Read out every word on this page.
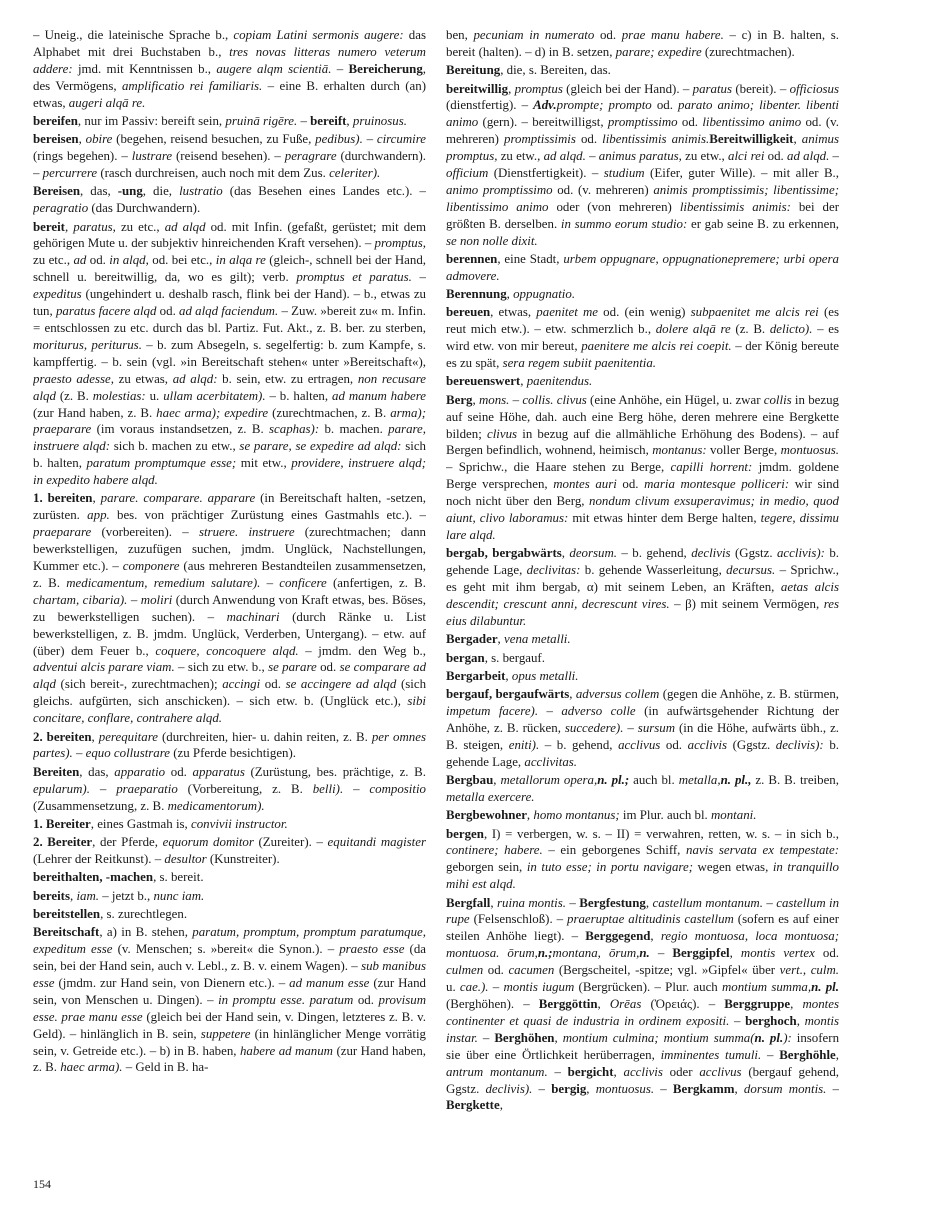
– Uneig., die lateinische Sprache b., copiam Latini sermonis augere: das Alphabet mit drei Buchstaben b., tres novas litteras numero veterum addere: jmd. mit Kenntnissen b., augere alqm scientiā. – Bereicherung, des Vermögens, amplificatio rei familiaris. – eine B. erhalten durch (an) etwas, augeri alqā re.

bereifen, nur im Passiv: bereift sein, pruinā rigēre. – bereift, pruinosus.

bereisen, obire (begehen, reisend besuchen, zu Fuße, pedibus). – circumire (rings begehen). – lustrare (reisend besehen). – peragrare (durchwandern). – percurrere (rasch durchreisen, auch noch mit dem Zus. celeriter).

Bereisen, das, -ung, die, lustratio (das Besehen eines Landes etc.). – peragratio (das Durchwandern).

bereit, paratus, zu etc., ad alqd od. mit Infin. (gefaßt, gerüstet; mit dem gehörigen Mute u. der subjektiv hinreichenden Kraft versehen). – promptus, zu etc., ad od. in alqd, od. bei etc., in alqa re (gleich-, schnell bei der Hand, schnell u. bereitwillig, da, wo es gilt); verb. promptus et paratus. – expeditus (ungehindert u. deshalb rasch, flink bei der Hand). – b., etwas zu tun, paratus facere alqd od. ad alqd faciendum. – Zuw. »bereit zu« m. Infin. = entschlossen zu etc. durch das bl. Partiz. Fut. Akt., z. B. ber. zu sterben, moriturus, periturus. – b. zum Absegeln, s. segelfertig: b. zum Kampfe, s. kampffertig. – b. sein (vgl. »in Bereitschaft stehen« unter »Bereitschaft«), praesto adesse, zu etwas, ad alqd: b. sein, etw. zu ertragen, non recusare alqd (z. B. molestias: u. ullam acerbitatem). – b. halten, ad manum habere (zur Hand haben, z. B. haec arma); expedire (zurechtmachen, z. B. arma); praeparare (im voraus instandsetzen, z. B. scaphas): b. machen. parare, instruere alqd: sich b. machen zu etw., se parare, se expedire ad alqd: sich b. halten, paratum promptumque esse; mit etw., providere, instruere alqd; in expedito habere alqd.

1. bereiten, parare. comparare. apparare (in Bereitschaft halten, -setzen, zurüsten. app. bes. von prächtiger Zurüstung eines Gastmahls etc.). – praeparare (vorbereiten). – struere. instruere (zurechtmachen; dann bewerkstelligen, zuzufügen suchen, jmdm. Unglück, Nachstellungen, Kummer etc.). – componere (aus mehreren Bestandteilen zusammensetzen, z. B. medicamentum, remedium salutare). – conficere (anfertigen, z. B. chartam, cibaria). – moliri (durch Anwendung von Kraft etwas, bes. Böses, zu bewerkstelligen suchen). – machinari (durch Ränke u. List bewerkstelligen, z. B. jmdm. Unglück, Verderben, Untergang). – etw. auf (über) dem Feuer b., coquere, concoquere alqd. – jmdm. den Weg b., adventui alcis parare viam. – sich zu etw. b., se parare od. se comparare ad alqd (sich bereit-, zurechtmachen); accingi od. se accingere ad alqd (sich gleichs. aufgürten, sich anschicken). – sich etw. b. (Unglück etc.), sibi concitare, conflare, contrahere alqd.

2. bereiten, perequitare (durchreiten, hier- u. dahin reiten, z. B. per omnes partes). – equo collustrare (zu Pferde besichtigen).

Bereiten, das, apparatio od. apparatus (Zurüstung, bes. prächtige, z. B. epularum). – praeparatio (Vorbereitung, z. B. belli). – compositio (Zusammensetzung, z. B. medicamentorum).

1. Bereiter, eines Gastmah is, convivii instructor.

2. Bereiter, der Pferde, equorum domitor (Zureiter). – equitandi magister (Lehrer der Reitkunst). – desultor (Kunstreiter).

bereithalten, -machen, s. bereit.

bereits, iam. – jetzt b., nunc iam.

bereitstellen, s. zurechtlegen.

Bereitschaft, a) in B. stehen, paratum, promptum, promptum paratumque, expeditum esse (v. Menschen; s. »bereit« die Synon.). – praesto esse (da sein, bei der Hand sein, auch v. Lebl., z. B. v. einem Wagen). – sub manibus esse (jmdm. zur Hand sein, von Dienern etc.). – ad manum esse (zur Hand sein, von Menschen u. Dingen). – in promptu esse. paratum od. provisum esse. prae manu esse (gleich bei der Hand sein, v. Dingen, letzteres z. B. v. Geld). – hinlänglich in B. sein, suppetere (in hinlänglicher Menge vorrätig sein, v. Getreide etc.). – b) in B. haben, habere ad manum (zur Hand haben, z. B. haec arma). – Geld in B. ha-

ben, pecuniam in numerato od. prae manu habere. – c) in B. halten, s. bereit (halten). – d) in B. setzen, parare; expedire (zurechtmachen).

Bereitung, die, s. Bereiten, das.

bereitwillig, promptus (gleich bei der Hand). – paratus (bereit). – officiosus (dienstfertig). – Adv.prompte; prompto od. parato animo; libenter. libenti animo (gern). – bereitwilligst, promptissimo od. libentissimo animo od. (v. mehreren) promptissimis od. libentissimis animis.Bereitwilligkeit, animus promptus, zu etw., ad alqd. – animus paratus, zu etw., alci rei od. ad alqd. – officium (Dienstfertigkeit). – studium (Eifer, guter Wille). – mit aller B., animo promptissimo od. (v. mehreren) animis promptissimis; libentissime; libentissimo animo oder (von mehreren) libentissimis animis: bei der größten B. derselben. in summo eorum studio: er gab seine B. zu erkennen, se non nolle dixit.

berennen, eine Stadt, urbem oppugnare, oppugnationepremere; urbi opera admovere.

Berennung, oppugnatio.

bereuen, etwas, paenitet me od. (ein wenig) subpaenitet me alcis rei (es reut mich etw.). – etw. schmerzlich b., dolere alqā re (z. B. delicto). – es wird etw. von mir bereut, paenitere me alcis rei coepit. – der König bereute es zu spät, sera regem subiit paenitentia.

bereuenswert, paenitendus.

Berg, mons. – collis. clivus (eine Anhöhe, ein Hügel, u. zwar collis in bezug auf seine Höhe, dah. auch eine Berg höhe, deren mehrere eine Bergkette bilden; clivus in bezug auf die allmähliche Erhöhung des Bodens). – auf Bergen befindlich, wohnend, heimisch, montanus: voller Berge, montuosus. – Sprichw., die Haare stehen zu Berge, capilli horrent: jmdm. goldene Berge versprechen, montes auri od. maria montesque polliceri: wir sind noch nicht über den Berg, nondum clivum exsuperavimus; in medio, quod aiunt, clivo laboramus: mit etwas hinter dem Berge halten, tegere, dissimu lare alqd.

bergab, bergabwärts, deorsum. – b. gehend, declivis (Ggstz. acclivis): b. gehende Lage, declivitas: b. gehende Wasserleitung, decursus. – Sprichw., es geht mit ihm bergab, α) mit seinem Leben, an Kräften, aetas alcis descendit; crescunt anni, decrescunt vires. – β) mit seinem Vermögen, res eius dilabuntur.

Bergader, vena metalli.

bergan, s. bergauf.

Bergarbeit, opus metalli.

bergauf, bergaufwärts, adversus collem (gegen die Anhöhe, z. B. stürmen, impetum facere). – adverso colle (in aufwärtsgehender Richtung der Anhöhe, z. B. rücken, succedere). – sursum (in die Höhe, aufwärts übh., z. B. steigen, eniti). – b. gehend, acclivus od. acclivis (Ggstz. declivis): b. gehende Lage, acclivitas.

Bergbau, metallorum opera,n. pl.; auch bl. metalla,n. pl., z. B. B. treiben, metalla exercere.

Bergbewohner, homo montanus; im Plur. auch bl. montani.

bergen, I) = verbergen, w. s. – II) = verwahren, retten, w. s. – in sich b., continere; habere. – ein geborgenes Schiff, navis servata ex tempestate: geborgen sein, in tuto esse; in portu navigare; wegen etwas, in tranquillo mihi est alqd.

Bergfall, ruina montis. – Bergfestung, castellum montanum. – castellum in rupe (Felsenschloß). – praeruptae altitudinis castellum (sofern es auf einer steilen Anhöhe liegt). – Berggegend, regio montuosa, loca montuosa; montuosa. ōrum,n.;montana, ōrum,n. – Berggipfel, montis vertex od. culmen od. cacumen (Bergscheitel, -spitze; vgl. »Gipfel« über vert., culm. u. cae.). – montis iugum (Bergrücken). – Plur. auch montium summa,n. pl. (Berghöhen). – Berggöttin, Orēas (Ὀρειάς). – Berggruppe, montes continenter et quasi de industria in ordinem expositi. – berghoch, montis instar. – Berghöhen, montium culmina; montium summa(n. pl.): insofern sie über eine Örtlichkeit herüberragen, imminentes tumuli. – Berghöhle, antrum montanum. – bergicht, acclivis oder acclivus (bergauf gehend, Ggstz. declivis). – bergig, montuosus. – Bergkamm, dorsum montis. – Bergkette,

154
